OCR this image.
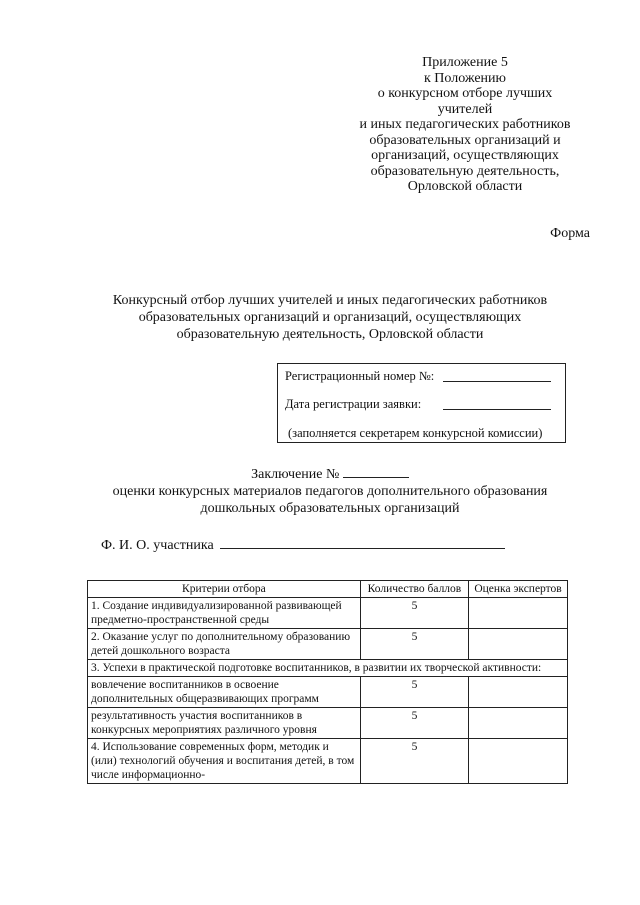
Приложение 5
к Положению
о конкурсном отборе лучших
учителей
и иных педагогических работников
образовательных организаций и
организаций, осуществляющих
образовательную деятельность,
Орловской области
Форма
Конкурсный отбор лучших учителей и иных педагогических работников
образовательных организаций и организаций, осуществляющих
образовательную деятельность, Орловской области
Регистрационный номер №:
Дата регистрации заявки:
(заполняется секретарем конкурсной комиссии)
Заключение №
оценки конкурсных материалов педагогов дополнительного образования
дошкольных образовательных организаций
Ф. И. О. участника
Критерии отбора	Количество баллов	Оценка экспертов
1. Создание индивидуализированной развивающей предметно-пространственной среды	5	
2. Оказание услуг по дополнительному образованию детей дошкольного возраста	5	
3. Успехи в практической подготовке воспитанников, в развитии их творческой активности:		
вовлечение воспитанников в освоение дополнительных общеразвивающих программ	5	
результативность участия воспитанников в конкурсных мероприятиях различного уровня	5	
4. Использование современных форм, методик и (или) технологий обучения и воспитания детей, в том числе информационно-	5	
